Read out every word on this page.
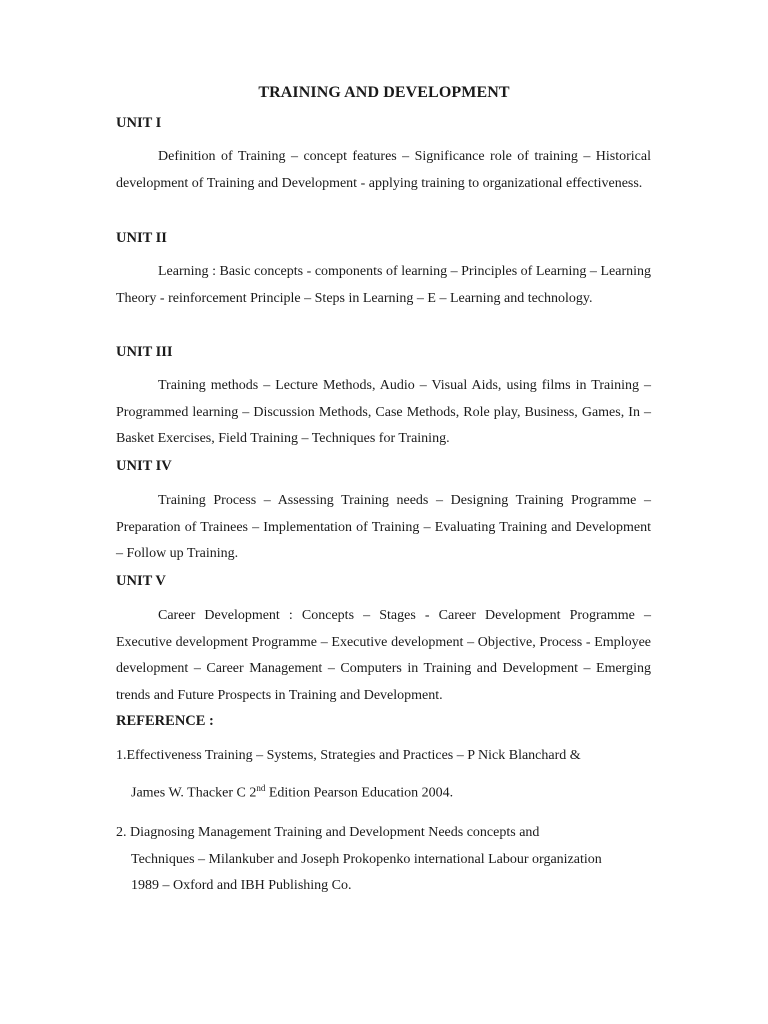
TRAINING AND DEVELOPMENT
UNIT I
Definition of Training – concept features – Significance role of training – Historical development of Training and Development - applying training to organizational effectiveness.
UNIT II
Learning : Basic concepts - components of learning – Principles of Learning – Learning Theory - reinforcement Principle – Steps in Learning – E – Learning and technology.
UNIT III
Training methods – Lecture Methods, Audio – Visual Aids, using films in Training – Programmed learning – Discussion Methods, Case Methods, Role play, Business, Games, In – Basket Exercises, Field Training – Techniques for Training.
UNIT IV
Training Process – Assessing Training needs – Designing Training Programme – Preparation of Trainees – Implementation of Training – Evaluating Training and Development – Follow up Training.
UNIT V
Career Development : Concepts – Stages - Career Development Programme – Executive development Programme – Executive development – Objective, Process - Employee development – Career Management – Computers in Training and Development – Emerging trends and Future Prospects in Training and Development.
REFERENCE :
1.Effectiveness Training – Systems, Strategies and Practices – P Nick Blanchard &
James W. Thacker C 2nd Edition Pearson Education 2004.
2. Diagnosing Management Training and Development Needs concepts and
Techniques – Milankuber and Joseph Prokopenko international Labour organization
1989 – Oxford and IBH Publishing Co.
